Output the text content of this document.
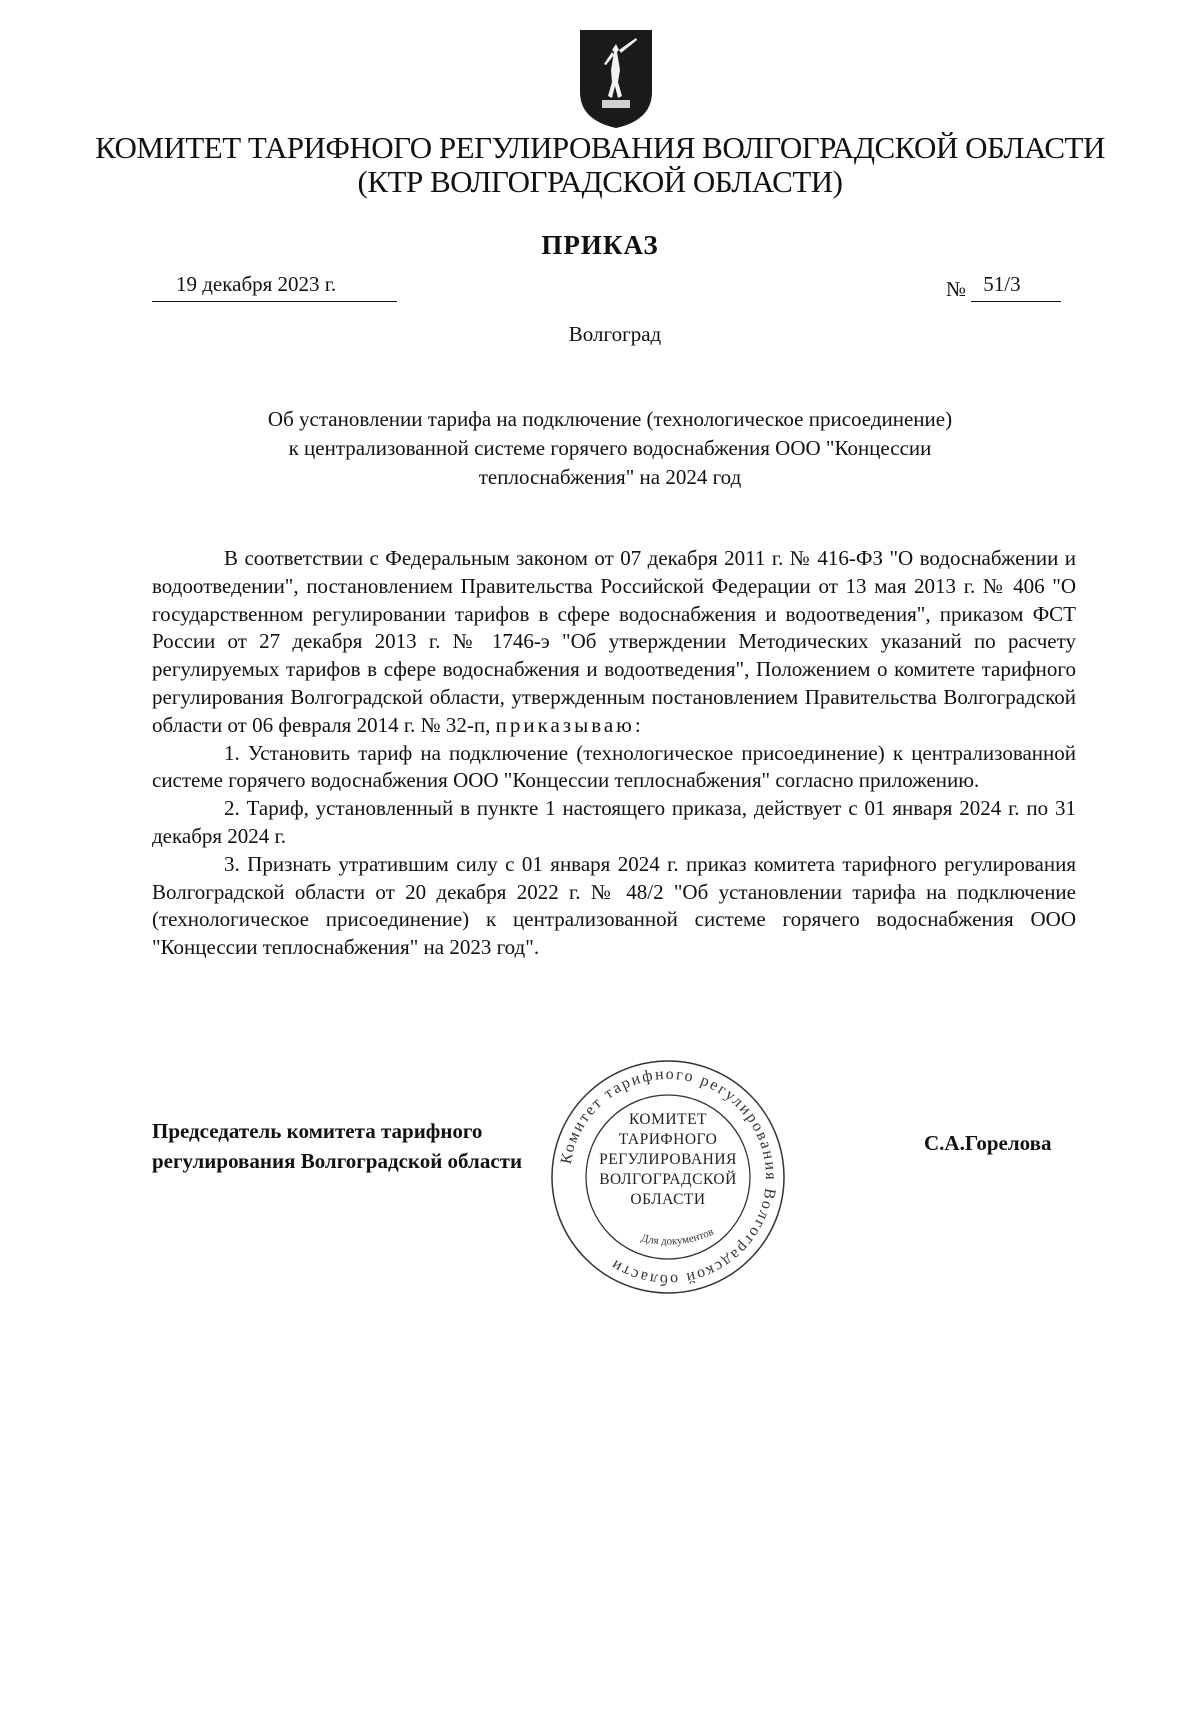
КОМИТЕТ ТАРИФНОГО РЕГУЛИРОВАНИЯ ВОЛГОГРАДСКОЙ ОБЛАСТИ
(КТР ВОЛГОГРАДСКОЙ ОБЛАСТИ)
ПРИКАЗ
19 декабря 2023 г.	№ 51/3
Волгоград
Об установлении тарифа на подключение (технологическое присоединение)
к централизованной системе горячего водоснабжения ООО "Концессии
теплоснабжения" на 2024 год

В соответствии с Федеральным законом от 07 декабря 2011 г. № 416-ФЗ "О водоснабжении и водоотведении", постановлением Правительства Российской Федерации от 13 мая 2013 г. № 406 "О государственном регулировании тарифов в сфере водоснабжения и водоотведения", приказом ФСТ России от 27 декабря 2013 г. № 1746-э "Об утверждении Методических указаний по расчету регулируемых тарифов в сфере водоснабжения и водоотведения", Положением о комитете тарифного регулирования Волгоградской области, утвержденным постановлением Правительства Волгоградской области от 06 февраля 2014 г. № 32-п, приказываю:

1. Установить тариф на подключение (технологическое присоединение) к централизованной системе горячего водоснабжения ООО "Концессии теплоснабжения" согласно приложению.

2. Тариф, установленный в пункте 1 настоящего приказа, действует с 01 января 2024 г. по 31 декабря 2024 г.

3. Признать утратившим силу с 01 января 2024 г. приказ комитета тарифного регулирования Волгоградской области от 20 декабря 2022 г. № 48/2 "Об установлении тарифа на подключение (технологическое присоединение) к централизованной системе горячего водоснабжения ООО "Концессии теплоснабжения" на 2023 год".

Председатель комитета тарифного
регулирования Волгоградской области
С.А.Горелова
Комитет тарифного регулирования Волгоградской области
Для документов
КОМИТЕТ
ТАРИФНОГО
РЕГУЛИРОВАНИЯ
ВОЛГОГРАДСКОЙ
ОБЛАСТИ
